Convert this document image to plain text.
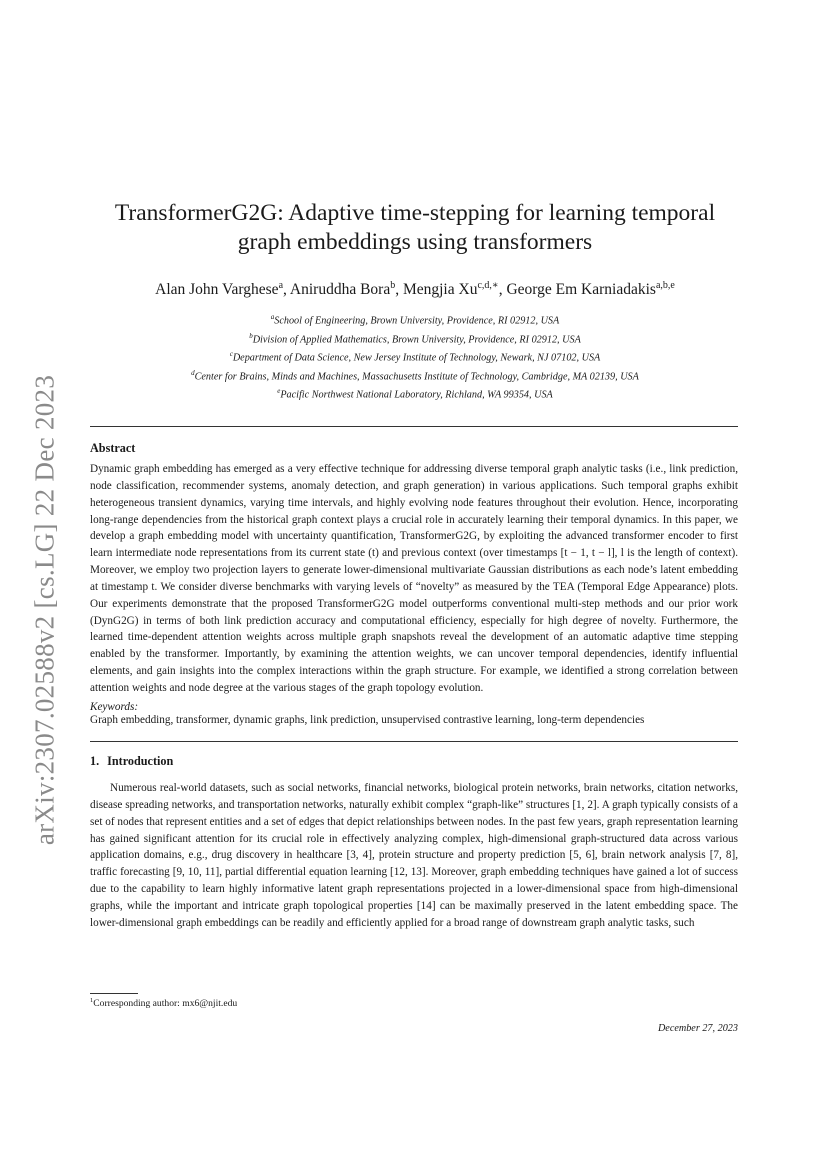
arXiv:2307.02588v2 [cs.LG] 22 Dec 2023
TransformerG2G: Adaptive time-stepping for learning temporal
graph embeddings using transformers
Alan John Varghese$^a$, Aniruddha Bora$^b$, Mengjia $Xu^{c,d,∗}$, George Em Karniadakis$^{a,b,e}$
$^a$School of Engineering, Brown University, Providence, RI 02912, USA
$^b$Division of Applied Mathematics, Brown University, Providence, RI 02912, USA
$^c$Department of Data Science, New Jersey Institute of Technology, Newark, NJ 07102, USA
$^d$Center for Brains, Minds and Machines, Massachusetts Institute of Technology, Cambridge, MA 02139, USA
$^e$Pacific Northwest National Laboratory, Richland, WA 99354, USA
Abstract
Dynamic graph embedding has emerged as a very effective technique for addressing diverse temporal graph analytic tasks (i.e., link prediction, node classification, recommender systems, anomaly detection, and graph generation) in various applications. Such temporal graphs exhibit heterogeneous transient dynamics, varying time intervals, and highly evolving node features throughout their evolution. Hence, incorporating long-range dependencies from the historical graph context plays a crucial role in accurately learning their temporal dynamics. In this paper, we develop a graph embedding model with uncertainty quantification, TransformerG2G, by exploiting the advanced transformer encoder to first learn intermediate node representations from its current state (t) and previous context (over timestamps [t − 1, t − l], l is the length of context). Moreover, we employ two projection layers to generate lower-dimensional multivariate Gaussian distributions as each node’s latent embedding at timestamp t. We consider diverse benchmarks with varying levels of “novelty” as measured by the TEA (Temporal Edge Appearance) plots. Our experiments demonstrate that the proposed TransformerG2G model outperforms conventional multi-step methods and our prior work (DynG2G) in terms of both link prediction accuracy and computational efficiency, especially for high degree of novelty. Furthermore, the learned time-dependent attention weights across multiple graph snapshots reveal the development of an automatic adaptive time stepping enabled by the transformer. Importantly, by examining the attention weights, we can uncover temporal dependencies, identify influential elements, and gain insights into the complex interactions within the graph structure. For example, we identified a strong correlation between attention weights and node degree at the various stages of the graph topology evolution.
Keywords:
Graph embedding, transformer, dynamic graphs, link prediction, unsupervised contrastive learning, long-term dependencies
1. Introduction
Numerous real-world datasets, such as social networks, financial networks, biological protein networks, brain networks, citation networks, disease spreading networks, and transportation networks, naturally exhibit complex “graph-like” structures [1, 2]. A graph typically consists of a set of nodes that represent entities and a set of edges that depict relationships between nodes. In the past few years, graph representation learning has gained significant attention for its crucial role in effectively analyzing complex, high-dimensional graph-structured data across various application domains, e.g., drug discovery in healthcare [3, 4], protein structure and property prediction [5, 6], brain network analysis [7, 8], traffic forecasting [9, 10, 11], partial differential equation learning [12, 13]. Moreover, graph embedding techniques have gained a lot of success due to the capability to learn highly informative latent graph representations projected in a lower-dimensional space from high-dimensional graphs, while the important and intricate graph topological properties [14] can be maximally preserved in the latent embedding space. The lower-dimensional graph embeddings can be readily and efficiently applied for a broad range of downstream graph analytic tasks, such
$^1$Corresponding author: mx6@njit.edu
December 27, 2023
